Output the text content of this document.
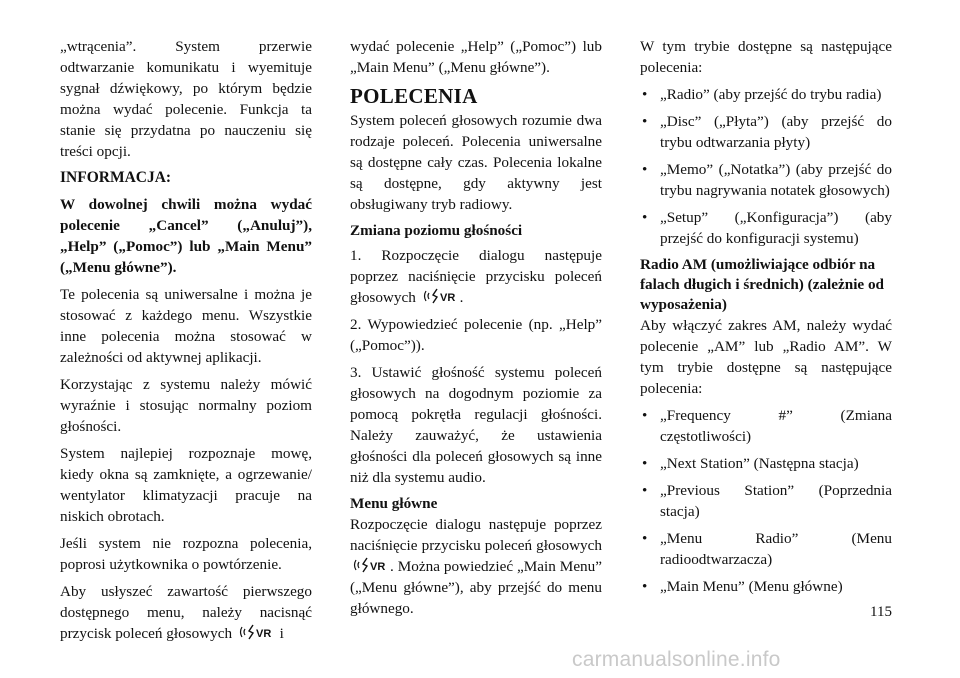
„wtrącenia”. System przerwie odtwarzanie komunikatu i wyemituje sygnał dźwiękowy, po którym będzie można wydać polecenie. Funkcja ta stanie się przydatna po nauczeniu się treści opcji.

INFORMACJA:

W dowolnej chwili można wydać polecenie „Cancel” („Anuluj”), „Help” („Pomoc”) lub „Main Menu” („Menu główne”).

Te polecenia są uniwersalne i można je stosować z każdego menu. Wszystkie inne polecenia można stosować w zależności od aktywnej aplikacji.

Korzystając z systemu należy mówić wyraźnie i stosując normalny poziom głośności.

System najlepiej rozpoznaje mowę, kiedy okna są zamknięte, a ogrzewanie/ wentylator klimatyzacji pracuje na niskich obrotach.

Jeśli system nie rozpozna polecenia, poprosi użytkownika o powtórzenie.

Aby usłyszeć zawartość pierwszego dostępnego menu, należy nacisnąć przycisk poleceń głosowych VR i

wydać polecenie „Help” („Pomoc”) lub „Main Menu” („Menu główne”).

POLECENIA

System poleceń głosowych rozumie dwa rodzaje poleceń. Polecenia uniwersalne są dostępne cały czas. Polecenia lokalne są dostępne, gdy aktywny jest obsługiwany tryb radiowy.

Zmiana poziomu głośności

1. Rozpoczęcie dialogu następuje poprzez naciśnięcie przycisku poleceń głosowych VR .

2. Wypowiedzieć polecenie (np. „Help” („Pomoc”)).

3. Ustawić głośność systemu poleceń głosowych na dogodnym poziomie za pomocą pokrętła regulacji głośności. Należy zauważyć, że ustawienia głośności dla poleceń głosowych są inne niż dla systemu audio.

Menu główne

Rozpoczęcie dialogu następuje poprzez naciśnięcie przycisku poleceń głosowych
VR . Można powiedzieć „Main Menu” („Menu główne”), aby przejść do menu głównego.

W tym trybie dostępne są następujące polecenia:

• „Radio” (aby przejść do trybu radia)
• „Disc” („Płyta”) (aby przejść do trybu odtwarzania płyty)
• „Memo” („Notatka”) (aby przejść do trybu nagrywania notatek głosowych)
• „Setup” („Konfiguracja”) (aby przejść do konfiguracji systemu)
Radio AM (umożliwiające odbiór na falach długich i średnich) (zależnie od wyposażenia)

Aby włączyć zakres AM, należy wydać polecenie „AM” lub „Radio AM”. W tym trybie dostępne są następujące polecenia:

• „Frequency #” (Zmiana częstotliwości)
• „Next Station” (Następna stacja)
• „Previous Station” (Poprzednia stacja)
• „Menu Radio” (Menu radioodtwarzacza)
• „Main Menu” (Menu główne)
115
carmanualsonline.info
